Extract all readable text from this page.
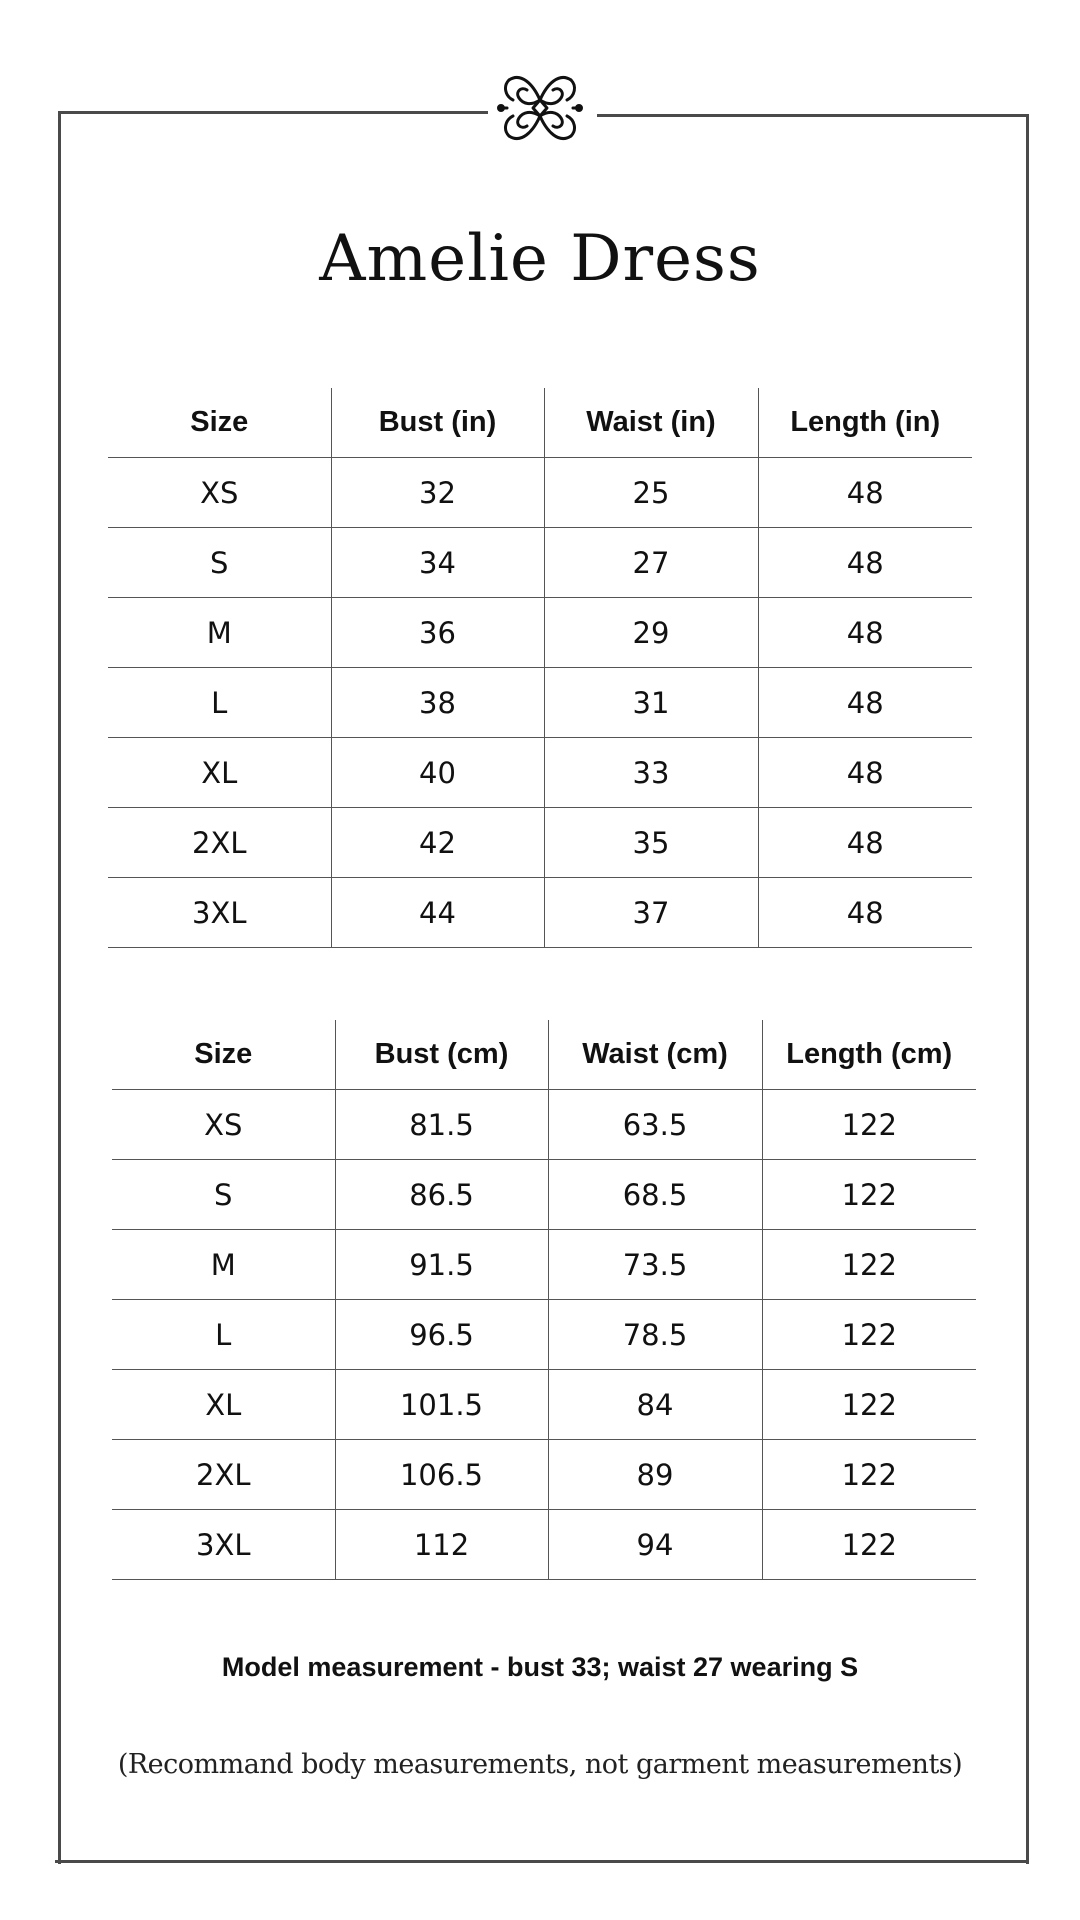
Amelie Dress
Size	Bust (in)	Waist (in)	Length (in)
XS	32	25	48
S	34	27	48
M	36	29	48
L	38	31	48
XL	40	33	48
2XL	42	35	48
3XL	44	37	48
Size	Bust (cm)	Waist (cm)	Length (cm)
XS	81.5	63.5	122
S	86.5	68.5	122
M	91.5	73.5	122
L	96.5	78.5	122
XL	101.5	84	122
2XL	106.5	89	122
3XL	112	94	122
Model measurement - bust 33; waist 27 wearing S
(Recommand body measurements, not garment measurements)
